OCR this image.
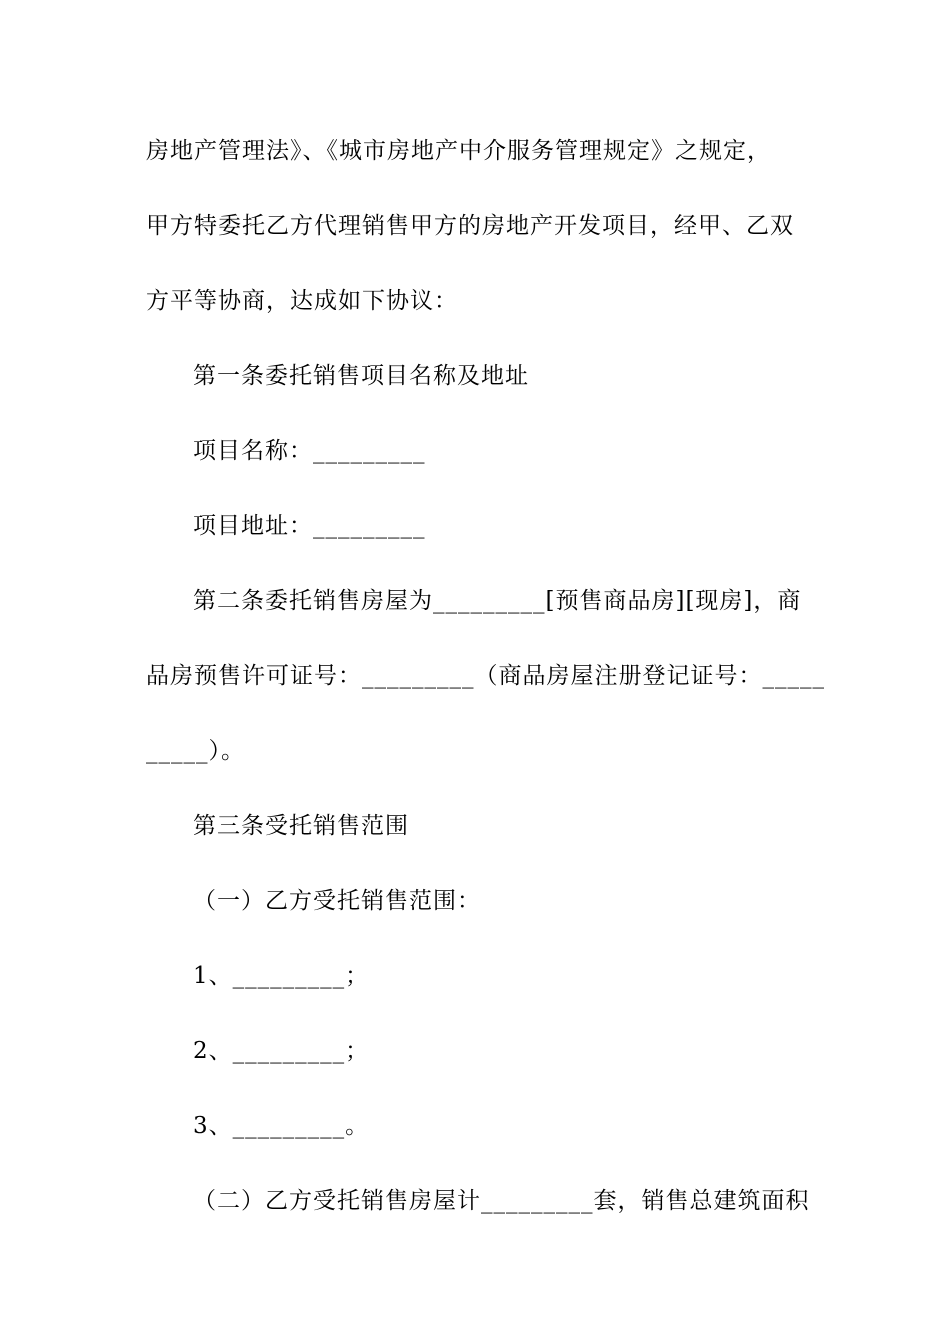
房地产管理法》、《城市房地产中介服务管理规定》之规定，
甲方特委托乙方代理销售甲方的房地产开发项目，经甲、乙双
方平等协商，达成如下协议：
第一条委托销售项目名称及地址
项目名称：_________
项目地址：_________
第二条委托销售房屋为_________[预售商品房][现房]，商
品房预售许可证号：_________（商品房屋注册登记证号：_____
_____）。
第三条受托销售范围
（一）乙方受托销售范围：
1、_________；
2、_________；
3、_________。
（二）乙方受托销售房屋计_________套，销售总建筑面积
